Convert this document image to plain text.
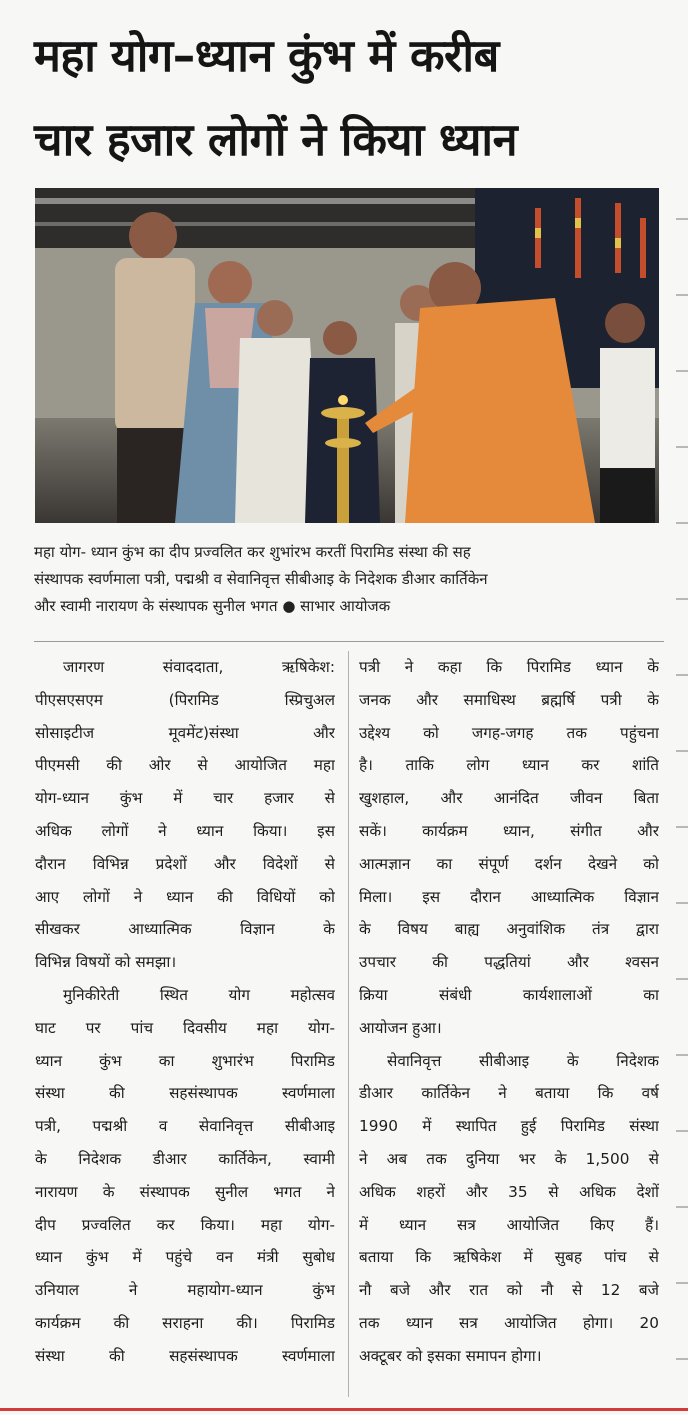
महा योग–ध्यान कुंभ में करीब
चार हजार लोगों ने किया ध्यान
महा योग- ध्यान कुंभ का दीप प्रज्वलित कर शुभांरभ करतीं पिरामिड संस्था की सह
संस्थापक स्वर्णमाला पत्री, पद्मश्री व सेवानिवृत्त सीबीआइ के निदेशक डीआर कार्तिकेन
और स्वामी नारायण के संस्थापक सुनील भगत ● साभार आयोजक
जागरण संवाददाता, ऋषिकेश:
पीएसएसएम (पिरामिड स्प्रिचुअल
सोसाइटीज मूवमेंट)संस्था और
पीएमसी की ओर से आयोजित महा
योग-ध्यान कुंभ में चार हजार से
अधिक लोगों ने ध्यान किया। इस
दौरान विभिन्न प्रदेशों और विदेशों से
आए लोगों ने ध्यान की विधियों को
सीखकर आध्यात्मिक विज्ञान के
विभिन्न विषयों को समझा।
मुनिकीरेती स्थित योग महोत्सव
घाट पर पांच दिवसीय महा योग-
ध्यान कुंभ का शुभारंभ पिरामिड
संस्था की सहसंस्थापक स्वर्णमाला
पत्री, पद्मश्री व सेवानिवृत्त सीबीआइ
के निदेशक डीआर कार्तिकेन, स्वामी
नारायण के संस्थापक सुनील भगत ने
दीप प्रज्वलित कर किया। महा योग-
ध्यान कुंभ में पहुंचे वन मंत्री सुबोध
उनियाल ने महायोग-ध्यान कुंभ
कार्यक्रम की सराहना की। पिरामिड
संस्था की सहसंस्थापक स्वर्णमाला
पत्री ने कहा कि पिरामिड ध्यान के
जनक और समाधिस्थ ब्रह्मर्षि पत्री के
उद्देश्य को जगह-जगह तक पहुंचना
है। ताकि लोग ध्यान कर शांति
खुशहाल, और आनंदित जीवन बिता
सकें। कार्यक्रम ध्यान, संगीत और
आत्मज्ञान का संपूर्ण दर्शन देखने को
मिला। इस दौरान आध्यात्मिक विज्ञान
के विषय बाह्य अनुवांशिक तंत्र द्वारा
उपचार की पद्धतियां और श्वसन
क्रिया संबंधी कार्यशालाओं का
आयोजन हुआ।
सेवानिवृत्त सीबीआइ के निदेशक
डीआर कार्तिकेन ने बताया कि वर्ष
1990 में स्थापित हुई पिरामिड संस्था
ने अब तक दुनिया भर के 1,500 से
अधिक शहरों और 35 से अधिक देशों
में ध्यान सत्र आयोजित किए हैं।
बताया कि ऋषिकेश में सुबह पांच से
नौ बजे और रात को नौ से 12 बजे
तक ध्यान सत्र आयोजित होगा। 20
अक्टूबर को इसका समापन होगा।
